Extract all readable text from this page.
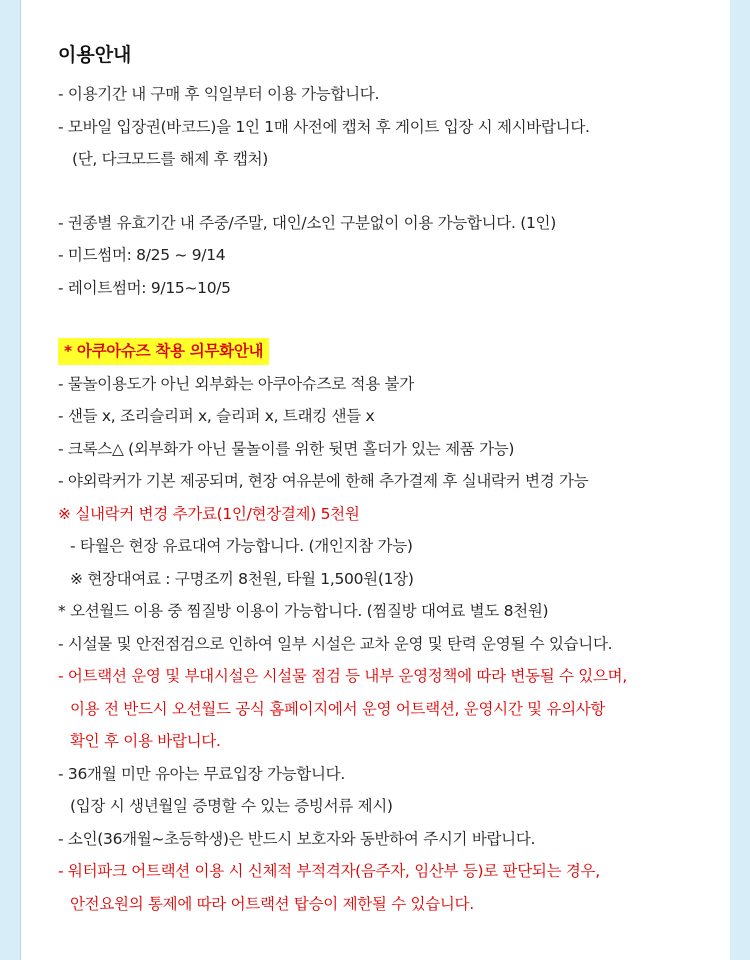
이용안내
- 이용기간 내 구매 후 익일부터 이용 가능합니다.
- 모바일 입장권(바코드)을 1인 1매 사전에 캡처 후 게이트 입장 시 제시바랍니다.
(단, 다크모드를 해제 후 캡처)
- 권종별 유효기간 내 주중/주말, 대인/소인 구분없이 이용 가능합니다. (1인)
- 미드썸머: 8/25 ~ 9/14
- 레이트썸머: 9/15~10/5
* 아쿠아슈즈 착용 의무화안내
- 물놀이용도가 아닌 외부화는 아쿠아슈즈로 적용 불가
- 샌들 x, 조리슬리퍼 x, 슬리퍼 x, 트래킹 샌들 x
- 크록스△ (외부화가 아닌 물놀이를 위한 뒷면 홀더가 있는 제품 가능)
- 야외락커가 기본 제공되며, 현장 여유분에 한해 추가결제 후 실내락커 변경 가능
※ 실내락커 변경 추가료(1인/현장결제) 5천원
- 타월은 현장 유료대여 가능합니다. (개인지참 가능)
※ 현장대여료 : 구명조끼 8천원, 타월 1,500원(1장)
* 오션월드 이용 중 찜질방 이용이 가능합니다. (찜질방 대여료 별도 8천원)
- 시설물 및 안전점검으로 인하여 일부 시설은 교차 운영 및 탄력 운영될 수 있습니다.
- 어트랙션 운영 및 부대시설은 시설물 점검 등 내부 운영정책에 따라 변동될 수 있으며,
이용 전 반드시 오션월드 공식 홈페이지에서 운영 어트랙션, 운영시간 및 유의사항
확인 후 이용 바랍니다.
- 36개월 미만 유아는 무료입장 가능합니다.
(입장 시 생년월일 증명할 수 있는 증빙서류 제시)
- 소인(36개월~초등학생)은 반드시 보호자와 동반하여 주시기 바랍니다.
- 워터파크 어트랙션 이용 시 신체적 부적격자(음주자, 임산부 등)로 판단되는 경우,
안전요원의 통제에 따라 어트랙션 탑승이 제한될 수 있습니다.
